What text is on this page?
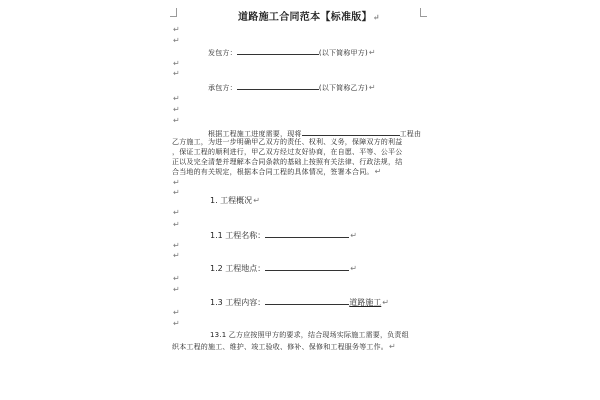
道路施工合同范本【标准版】↵
↵
↵
发包方：	(以下简称甲方)↵
↵
↵
承包方：	(以下简称乙方)↵
↵
↵
↵
根据工程施工进度需要，现将	工程由
乙方施工，为进一步明确甲乙双方的责任、权利、义务，保障双方的利益
，保证工程的顺利进行，甲乙双方经过友好协商，在自愿、平等、公平公
正以及完全清楚并理解本合同条款的基础上按照有关法律、行政法规，结
合当地的有关规定，根据本合同工程的具体情况，签署本合同。↵
↵
↵
1. 工程概况↵
↵
↵
1.1 工程名称：	↵
↵
↵
1.2 工程地点：	↵
↵
↵
1.3 工程内容：	道路施工↵
↵
↵
13.1 乙方应按照甲方的要求，结合现场实际施工需要，负责组
织本工程的施工、维护、竣工验收、修补、保修和工程服务等工作。↵
